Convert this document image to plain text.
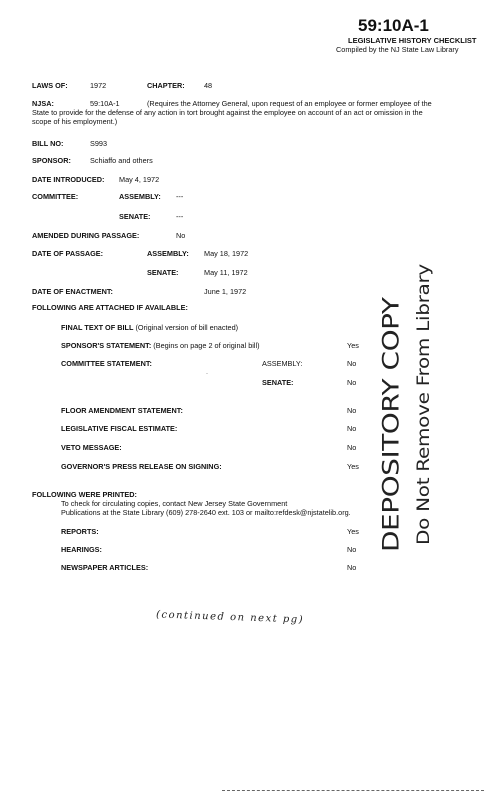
59:10A-1
LEGISLATIVE HISTORY CHECKLIST
Compiled by the NJ State Law Library
LAWS OF:	1972	CHAPTER:	48
NJSA:	59:10A-1	(Requires the Attorney General, upon request of an employee or former employee of the
State to provide for the defense of any action in tort brought against the employee on account of an act or omission in the
scope of his employment.)
BILL NO:	S993
SPONSOR:	Schiaffo and others
DATE INTRODUCED: May 4, 1972
COMMITTEE:	ASSEMBLY: ---
SENATE:	---
AMENDED DURING PASSAGE:	No
DATE OF PASSAGE:	ASSEMBLY: May 18, 1972
SENATE:	May 11, 1972
DATE OF ENACTMENT:	June 1, 1972
FOLLOWING ARE ATTACHED IF AVAILABLE:
FINAL TEXT OF BILL (Original version of bill enacted)
SPONSOR'S STATEMENT: (Begins on page 2 of original bill)	Yes
COMMITTEE STATEMENT:	ASSEMBLY:	No
·
SENATE:	No
FLOOR AMENDMENT STATEMENT:	No
LEGISLATIVE FISCAL ESTIMATE:	No
VETO MESSAGE:	No
GOVERNOR'S PRESS RELEASE ON SIGNING:	Yes
FOLLOWING WERE PRINTED:
To check for circulating copies, contact New Jersey State Government
Publications at the State Library (609) 278-2640 ext. 103 or mailto:refdesk@njstatelib.org.
REPORTS:	Yes
HEARINGS:	No
NEWSPAPER ARTICLES:	No
DEPOSITORY COPY Do Not Remove From Library
(continued on next pg)
